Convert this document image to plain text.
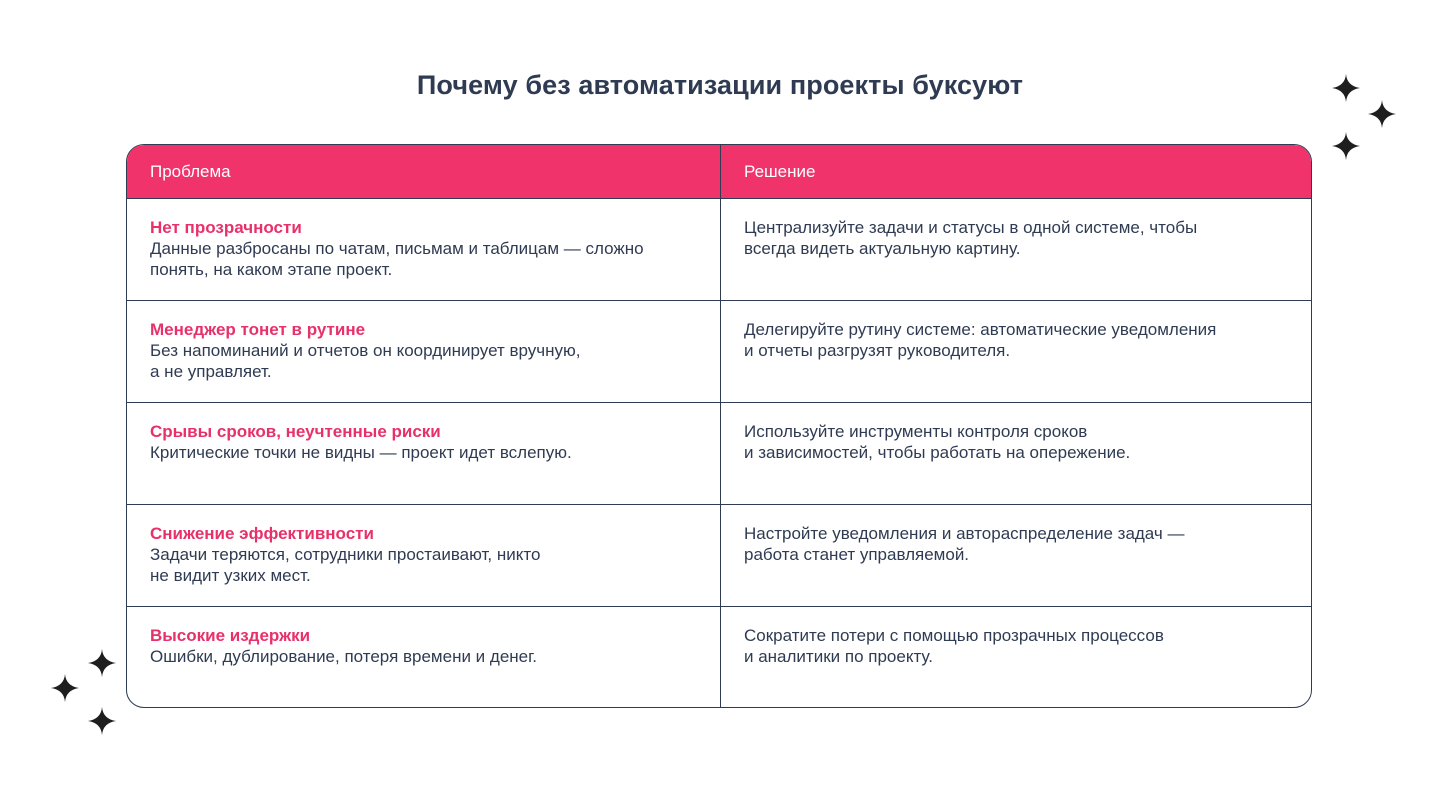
Почему без автоматизации проекты буксуют
Проблема	Решение
Нет прозрачности
Данные разбросаны по чатам, письмам и таблицам — сложно
понять, на каком этапе проект.
Централизуйте задачи и статусы в одной системе, чтобы
всегда видеть актуальную картину.
Менеджер тонет в рутине
Без напоминаний и отчетов он координирует вручную,
а не управляет.
Делегируйте рутину системе: автоматические уведомления
и отчеты разгрузят руководителя.
Срывы сроков, неучтенные риски
Критические точки не видны — проект идет вслепую.
Используйте инструменты контроля сроков
и зависимостей, чтобы работать на опережение.
Снижение эффективности
Задачи теряются, сотрудники простаивают, никто
не видит узких мест.
Настройте уведомления и автораспределение задач —
работа станет управляемой.
Высокие издержки
Ошибки, дублирование, потеря времени и денег.
Сократите потери с помощью прозрачных процессов
и аналитики по проекту.
